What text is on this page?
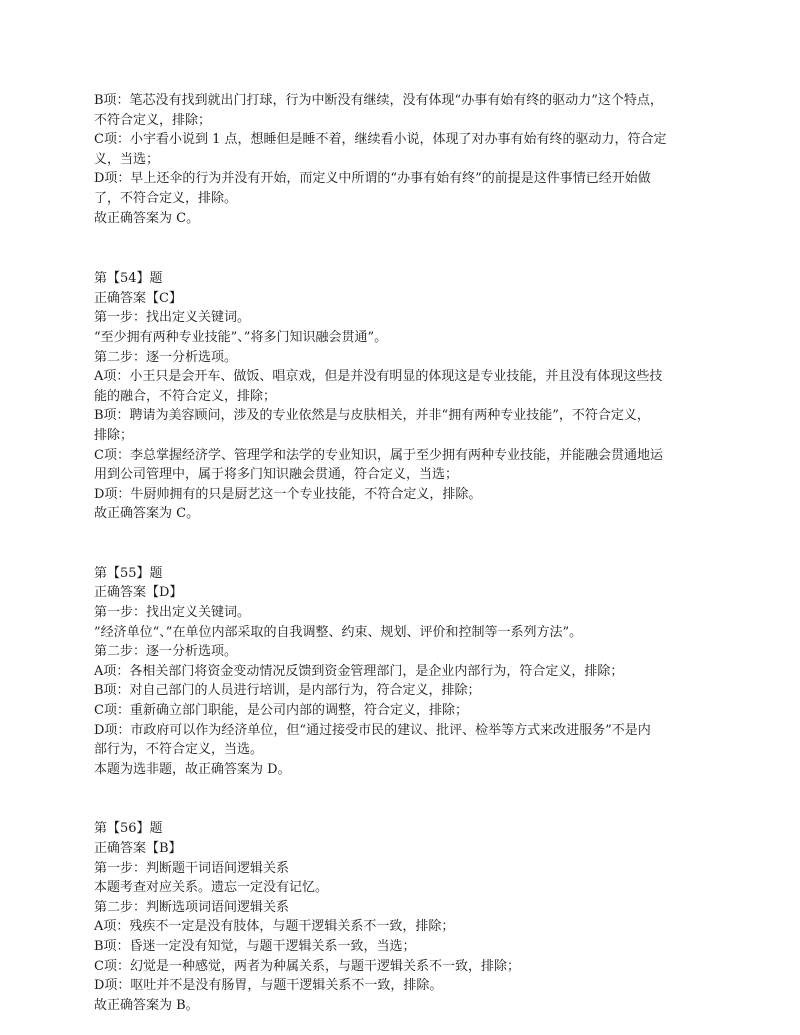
B项：笔芯没有找到就出门打球，行为中断没有继续，没有体现“办事有始有终的驱动力”这个特点，

不符合定义，排除；

C项：小宇看小说到 1 点，想睡但是睡不着，继续看小说，体现了对办事有始有终的驱动力，符合定

义，当选；

D项：早上还伞的行为并没有开始，而定义中所谓的“办事有始有终”的前提是这件事情已经开始做

了，不符合定义，排除。

故正确答案为 C。

第【54】题

正确答案【C】

第一步：找出定义关键词。

“至少拥有两种专业技能”、”将多门知识融会贯通”。

第二步：逐一分析选项。

A项：小王只是会开车、做饭、唱京戏，但是并没有明显的体现这是专业技能，并且没有体现这些技

能的融合，不符合定义，排除；

B项：聘请为美容顾问，涉及的专业依然是与皮肤相关，并非“拥有两种专业技能”，不符合定义，

排除；

C项：李总掌握经济学、管理学和法学的专业知识，属于至少拥有两种专业技能，并能融会贯通地运

用到公司管理中，属于将多门知识融会贯通，符合定义，当选；

D项：牛厨帅拥有的只是厨艺这一个专业技能，不符合定义，排除。

故正确答案为 C。

第【55】题

正确答案【D】

第一步：找出定义关键词。

”经济单位“、”在单位内部采取的自我调整、约束、规划、评价和控制等一系列方法”。

第二步：逐一分析选项。

A项：各相关部门将资金变动情况反馈到资金管理部门，是企业内部行为，符合定义，排除；

B项：对自己部门的人员进行培训，是内部行为，符合定义，排除；

C项：重新确立部门职能，是公司内部的调整，符合定义，排除；

D项：市政府可以作为经济单位，但“通过接受市民的建议、批评、检举等方式来改进服务”不是内

部行为，不符合定义，当选。

本题为选非题，故正确答案为 D。

第【56】题

正确答案【B】

第一步：判断题干词语间逻辑关系

本题考查对应关系。遗忘一定没有记忆。

第二步：判断选项词语间逻辑关系

A项：残疾不一定是没有肢体，与题干逻辑关系不一致，排除；

B项：昏迷一定没有知觉，与题干逻辑关系一致，当选；

C项：幻觉是一种感觉，两者为种属关系，与题干逻辑关系不一致，排除；

D项：呕吐并不是没有肠胃，与题干逻辑关系不一致，排除。

故正确答案为 B。
